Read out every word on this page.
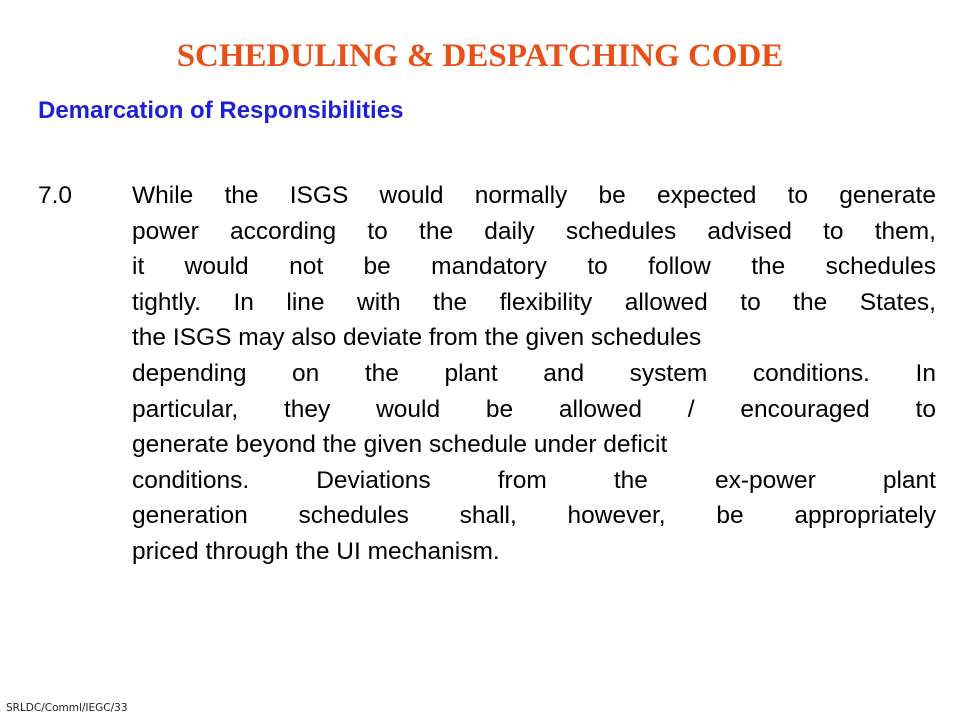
SCHEDULING & DESPATCHING CODE
Demarcation of Responsibilities
7.0	While the ISGS would normally be expected to generate
power according to the daily schedules advised to them,
it would not be mandatory to follow the schedules
tightly. In line with the flexibility allowed to the States,
the ISGS may also deviate from the given schedules
depending on the plant and system conditions. In
particular, they would be allowed / encouraged to
generate beyond the given schedule under deficit
conditions. Deviations from the ex-power plant
generation schedules shall, however, be appropriately
priced through the UI mechanism.
SRLDC/Comml/IEGC/33
